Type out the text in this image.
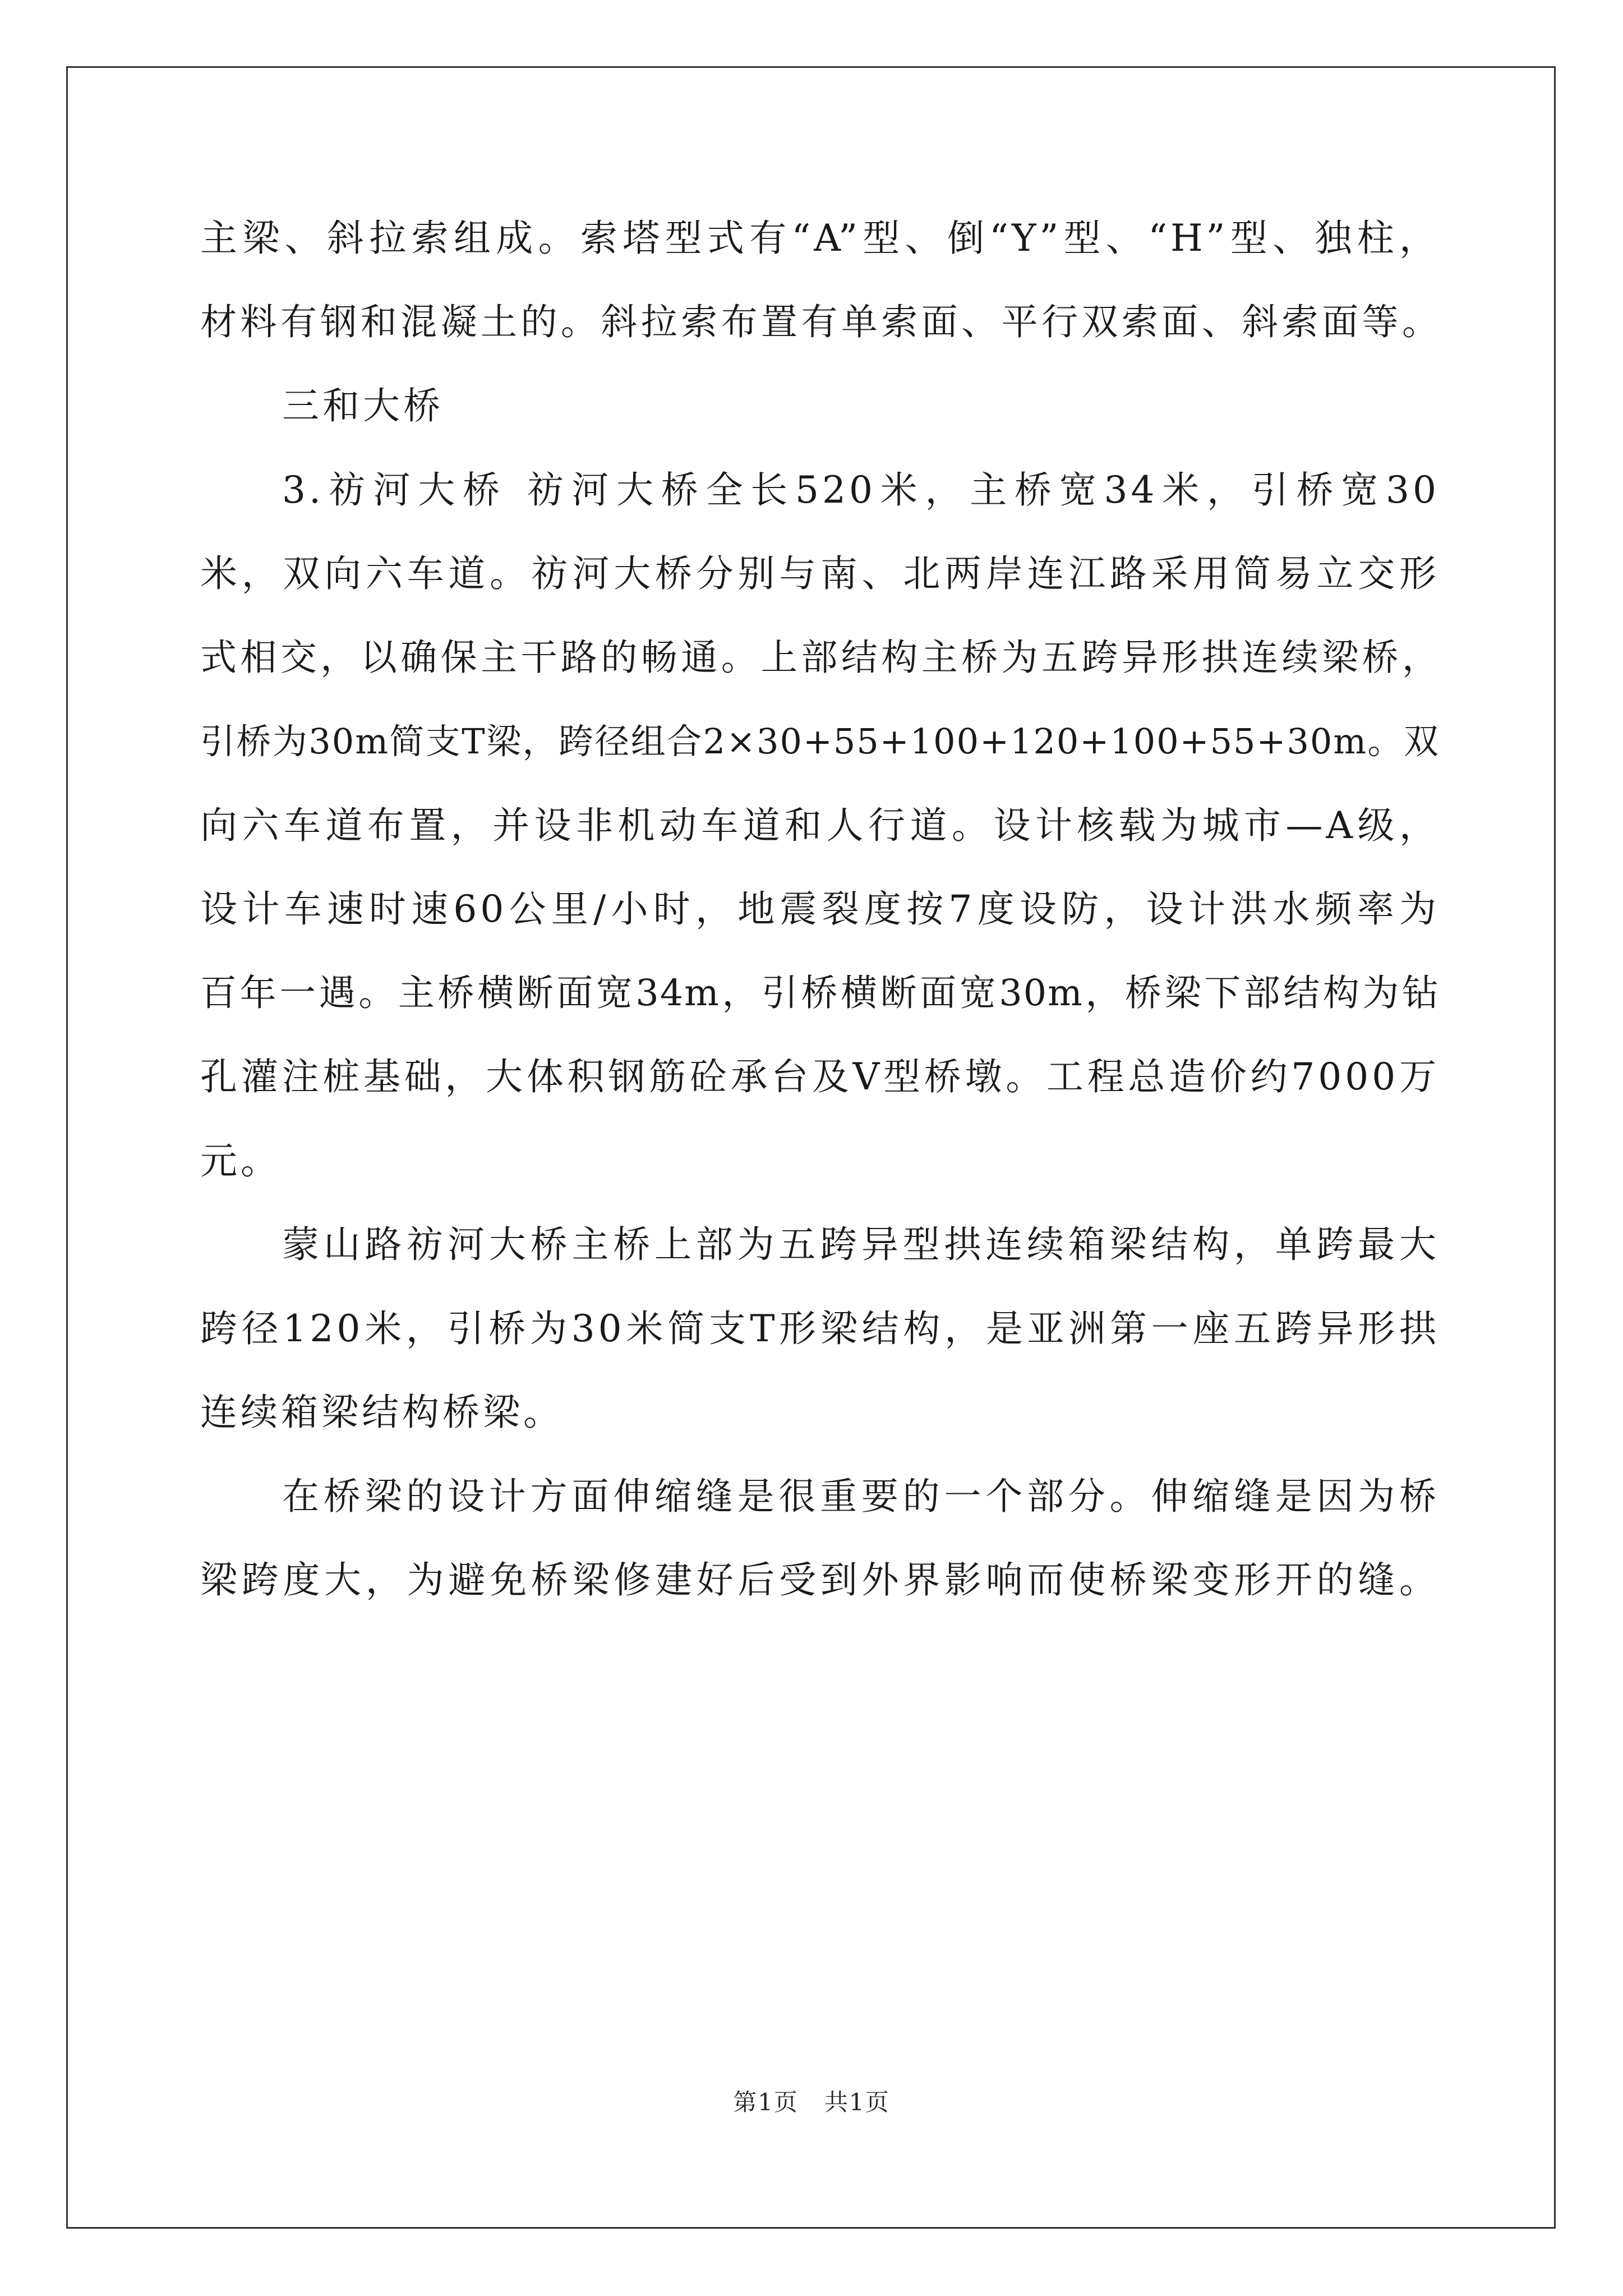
主梁、斜拉索组成。索塔型式有“A”型、倒“Y”型、“H”型、独柱，
材料有钢和混凝土的。斜拉索布置有单索面、平行双索面、斜索面等。
三和大桥
3.祊河大桥 祊河大桥全长520米，主桥宽34米，引桥宽30
米，双向六车道。祊河大桥分别与南、北两岸连江路采用简易立交形
式相交，以确保主干路的畅通。上部结构主桥为五跨异形拱连续梁桥，
引桥为30m简支T梁，跨径组合2×30+55+100+120+100+55+30m。双
向六车道布置，并设非机动车道和人行道。设计核载为城市—A级，
设计车速时速60公里/小时，地震裂度按7度设防，设计洪水频率为
百年一遇。主桥横断面宽34m，引桥横断面宽30m，桥梁下部结构为钻
孔灌注桩基础，大体积钢筋砼承台及V型桥墩。工程总造价约7000万
元。
蒙山路祊河大桥主桥上部为五跨异型拱连续箱梁结构，单跨最大
跨径120米，引桥为30米简支T形梁结构，是亚洲第一座五跨异形拱
连续箱梁结构桥梁。
在桥梁的设计方面伸缩缝是很重要的一个部分。伸缩缝是因为桥
梁跨度大，为避免桥梁修建好后受到外界影响而使桥梁变形开的缝。
第1页 共1页
